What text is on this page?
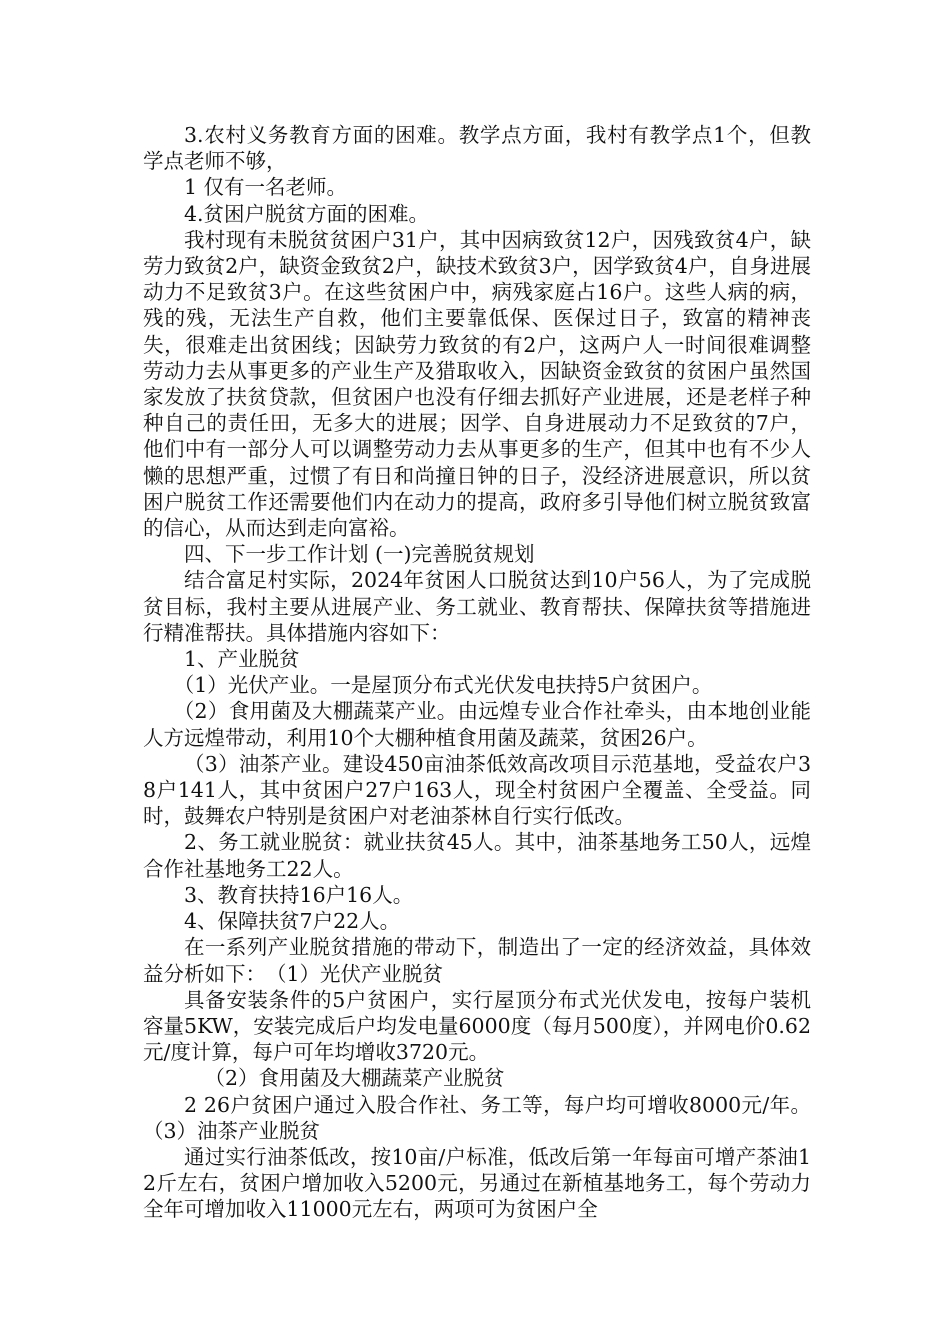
3.农村义务教育方面的困难。教学点方面，我村有教学点1个，但教学点老师不够，

1 仅有一名老师。

4.贫困户脱贫方面的困难。

我村现有未脱贫贫困户31户，其中因病致贫12户，因残致贫4户，缺劳力致贫2户，缺资金致贫2户，缺技术致贫3户，因学致贫4户，自身进展动力不足致贫3户。在这些贫困户中，病残家庭占16户。这些人病的病，残的残，无法生产自救，他们主要靠低保、医保过日子，致富的精神丧失，很难走出贫困线；因缺劳力致贫的有2户，这两户人一时间很难调整劳动力去从事更多的产业生产及猎取收入，因缺资金致贫的贫困户虽然国家发放了扶贫贷款，但贫困户也没有仔细去抓好产业进展，还是老样子种种自己的责任田，无多大的进展；因学、自身进展动力不足致贫的7户，他们中有一部分人可以调整劳动力去从事更多的生产，但其中也有不少人懒的思想严重，过惯了有日和尚撞日钟的日子，没经济进展意识，所以贫困户脱贫工作还需要他们内在动力的提高，政府多引导他们树立脱贫致富的信心，从而达到走向富裕。

四、下一步工作计划 (一)完善脱贫规划

结合富足村实际，2024年贫困人口脱贫达到10户56人，为了完成脱贫目标，我村主要从进展产业、务工就业、教育帮扶、保障扶贫等措施进行精准帮扶。具体措施内容如下：

1、产业脱贫

（1）光伏产业。一是屋顶分布式光伏发电扶持5户贫困户。

（2）食用菌及大棚蔬菜产业。由远煌专业合作社牵头，由本地创业能人方远煌带动，利用10个大棚种植食用菌及蔬菜，贫困26户。

（3）油茶产业。建设450亩油茶低效高改项目示范基地，受益农户38户141人，其中贫困户27户163人，现全村贫困户全覆盖、全受益。同时，鼓舞农户特别是贫困户对老油茶林自行实行低改。

2、务工就业脱贫：就业扶贫45人。其中，油茶基地务工50人，远煌合作社基地务工22人。

3、教育扶持16户16人。

4、保障扶贫7户22人。

在一系列产业脱贫措施的带动下，制造出了一定的经济效益，具体效益分析如下：　（1）光伏产业脱贫

具备安装条件的5户贫困户，实行屋顶分布式光伏发电，按每户装机容量5KW，安装完成后户均发电量6000度（每月500度），并网电价0.62元/度计算，每户可年均增收3720元。

（2）食用菌及大棚蔬菜产业脱贫

2 26户贫困户通过入股合作社、务工等，每户均可增收8000元/年。（3）油茶产业脱贫

通过实行油茶低改，按10亩/户标准，低改后第一年每亩可增产茶油12斤左右，贫困户增加收入5200元，另通过在新植基地务工，每个劳动力全年可增加收入11000元左右，两项可为贫困户全
